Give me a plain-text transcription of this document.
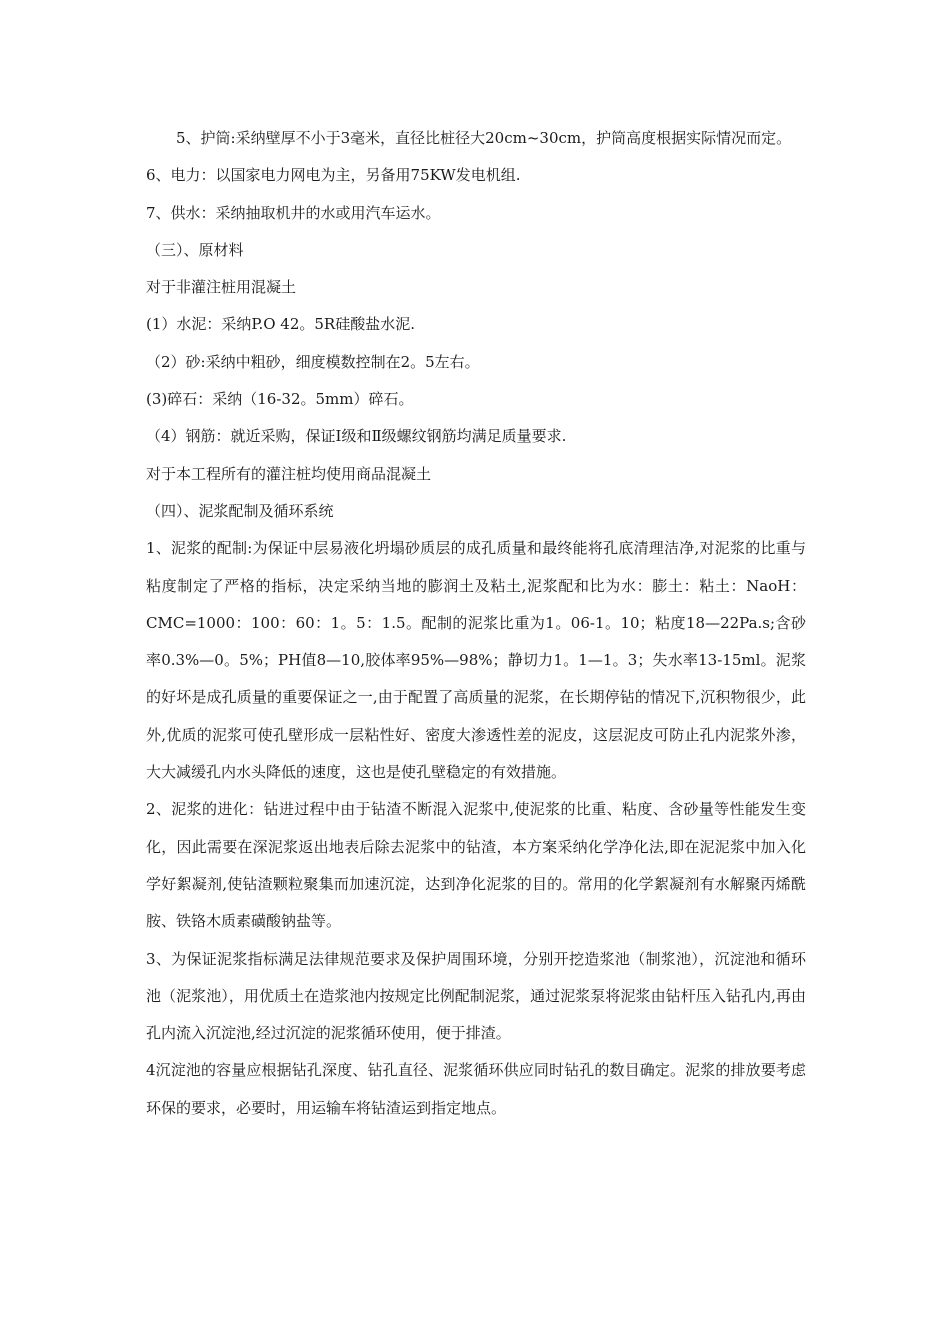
5、护筒:采纳壁厚不小于3毫米，直径比桩径大20cm~30cm，护筒高度根据实际情况而定。

6、电力：以国家电力网电为主，另备用75KW发电机组.

7、供水：采纳抽取机井的水或用汽车运水。

（三）、原材料

对于非灌注桩用混凝土

(1）水泥：采纳P.O 42。5R硅酸盐水泥.

（2）砂:采纳中粗砂，细度模数控制在2。5左右。

(3)碎石：采纳（16-32。5mm）碎石。

（4）钢筋：就近采购，保证Ⅰ级和Ⅱ级螺纹钢筋均满足质量要求.

对于本工程所有的灌注桩均使用商品混凝土

（四）、泥浆配制及循环系统

1、泥浆的配制:为保证中层易液化坍塌砂质层的成孔质量和最终能将孔底清理洁净,对泥浆的比重与粘度制定了严格的指标，决定采纳当地的膨润土及粘土,泥浆配和比为水：膨土：粘土：NaoH：CMC=1000：100：60：1。5：1.5。配制的泥浆比重为1。06-1。10；粘度18—22Pa.s;含砂率0.3%—0。5%；PH值8—10,胶体率95%—98%；静切力1。1—1。3；失水率13-15ml。泥浆的好坏是成孔质量的重要保证之一,由于配置了高质量的泥浆，在长期停钻的情况下,沉积物很少，此外,优质的泥浆可使孔壁形成一层粘性好、密度大渗透性差的泥皮，这层泥皮可防止孔内泥浆外渗，大大减缓孔内水头降低的速度，这也是使孔壁稳定的有效措施。

2、泥浆的进化：钻进过程中由于钻渣不断混入泥浆中,使泥浆的比重、粘度、含砂量等性能发生变化，因此需要在深泥浆返出地表后除去泥浆中的钻渣，本方案采纳化学净化法,即在泥泥浆中加入化学好絮凝剂,使钻渣颗粒聚集而加速沉淀，达到净化泥浆的目的。常用的化学絮凝剂有水解聚丙烯酰胺、铁铬木质素磺酸钠盐等。

3、为保证泥浆指标满足法律规范要求及保护周围环境，分别开挖造浆池（制浆池），沉淀池和循环池（泥浆池），用优质土在造浆池内按规定比例配制泥浆，通过泥浆泵将泥浆由钻杆压入钻孔内,再由孔内流入沉淀池,经过沉淀的泥浆循环使用，便于排渣。

4沉淀池的容量应根据钻孔深度、钻孔直径、泥浆循环供应同时钻孔的数目确定。泥浆的排放要考虑环保的要求，必要时，用运输车将钻渣运到指定地点。
